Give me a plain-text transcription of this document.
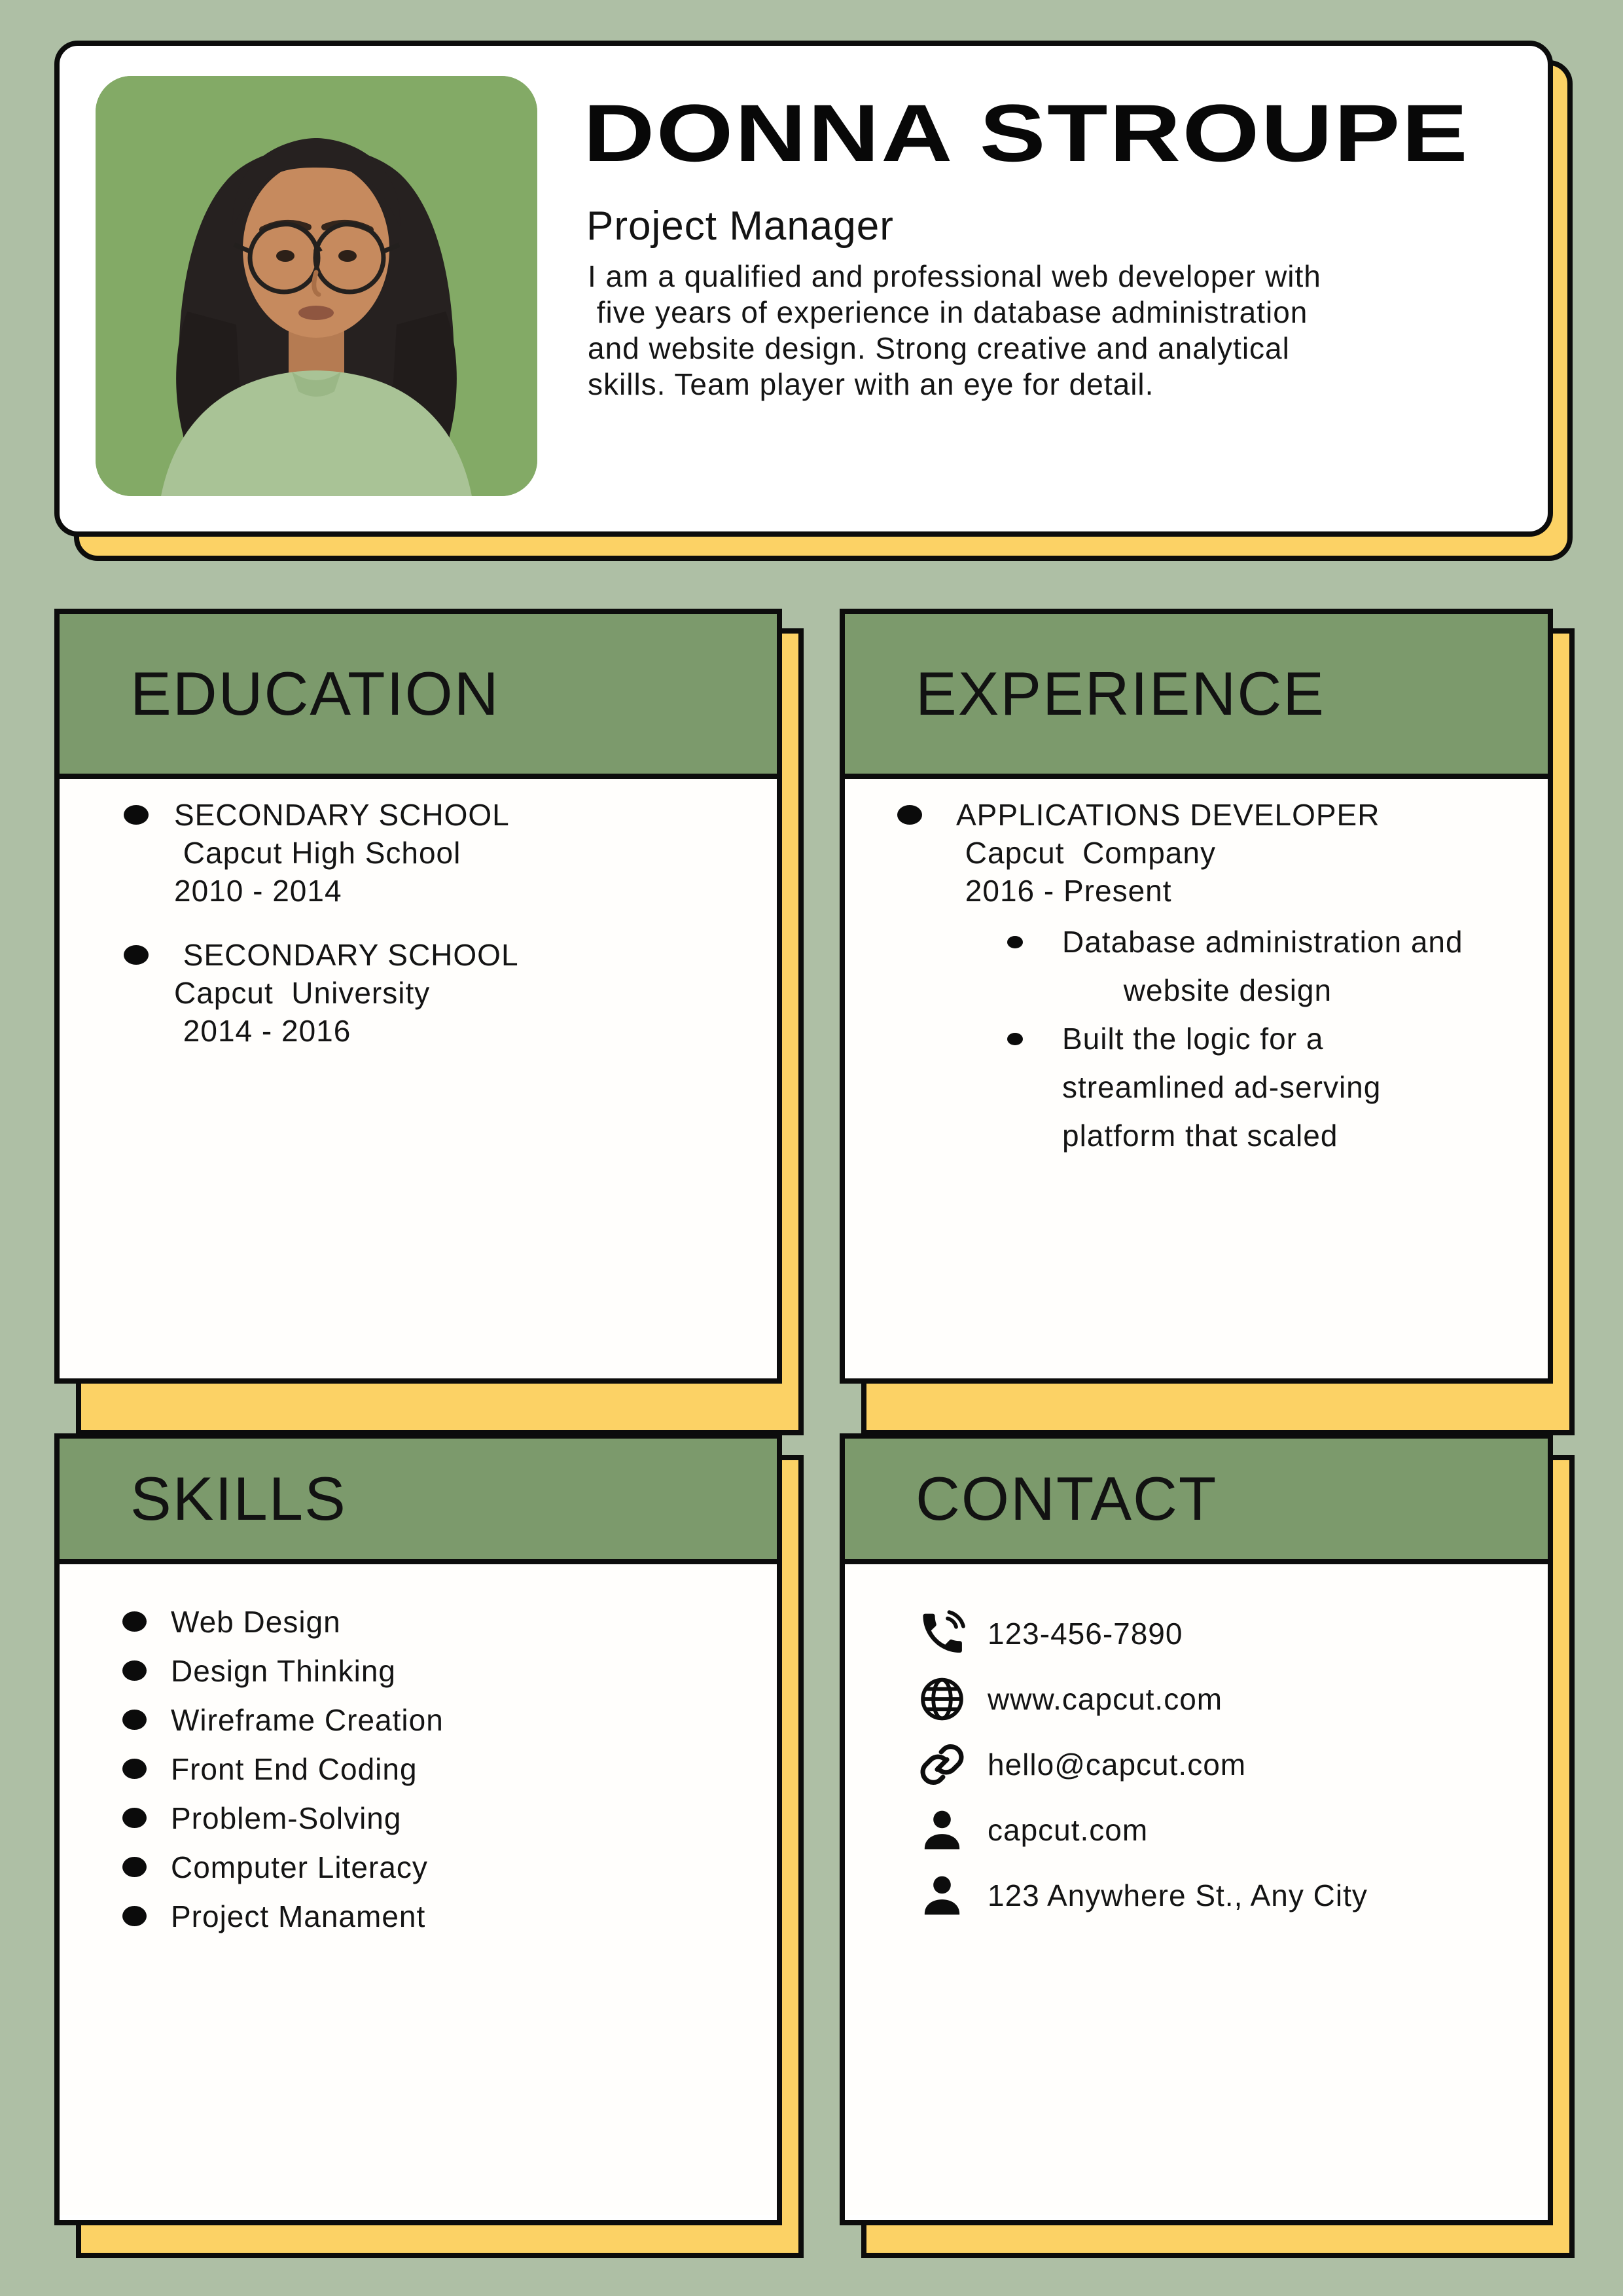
DONNA STROUPE

Project Manager

I am a qualified and professional web developer with
five years of experience in database administration
and website design. Strong creative and analytical
skills. Team player with an eye for detail.
EDUCATION
SECONDARY SCHOOL
Capcut High School
2010 - 2014
SECONDARY SCHOOL
Capcut  University
2014 - 2016
EXPERIENCE
APPLICATIONS DEVELOPER
Capcut  Company
2016 - Present
Database administration and
website design
Built the logic for a
streamlined ad-serving
platform that scaled
SKILLS
Web Design
Design Thinking
Wireframe Creation
Front End Coding
Problem-Solving
Computer Literacy
Project Manament
CONTACT
123-456-7890
www.capcut.com
hello@capcut.com
capcut.com
123 Anywhere St., Any City
